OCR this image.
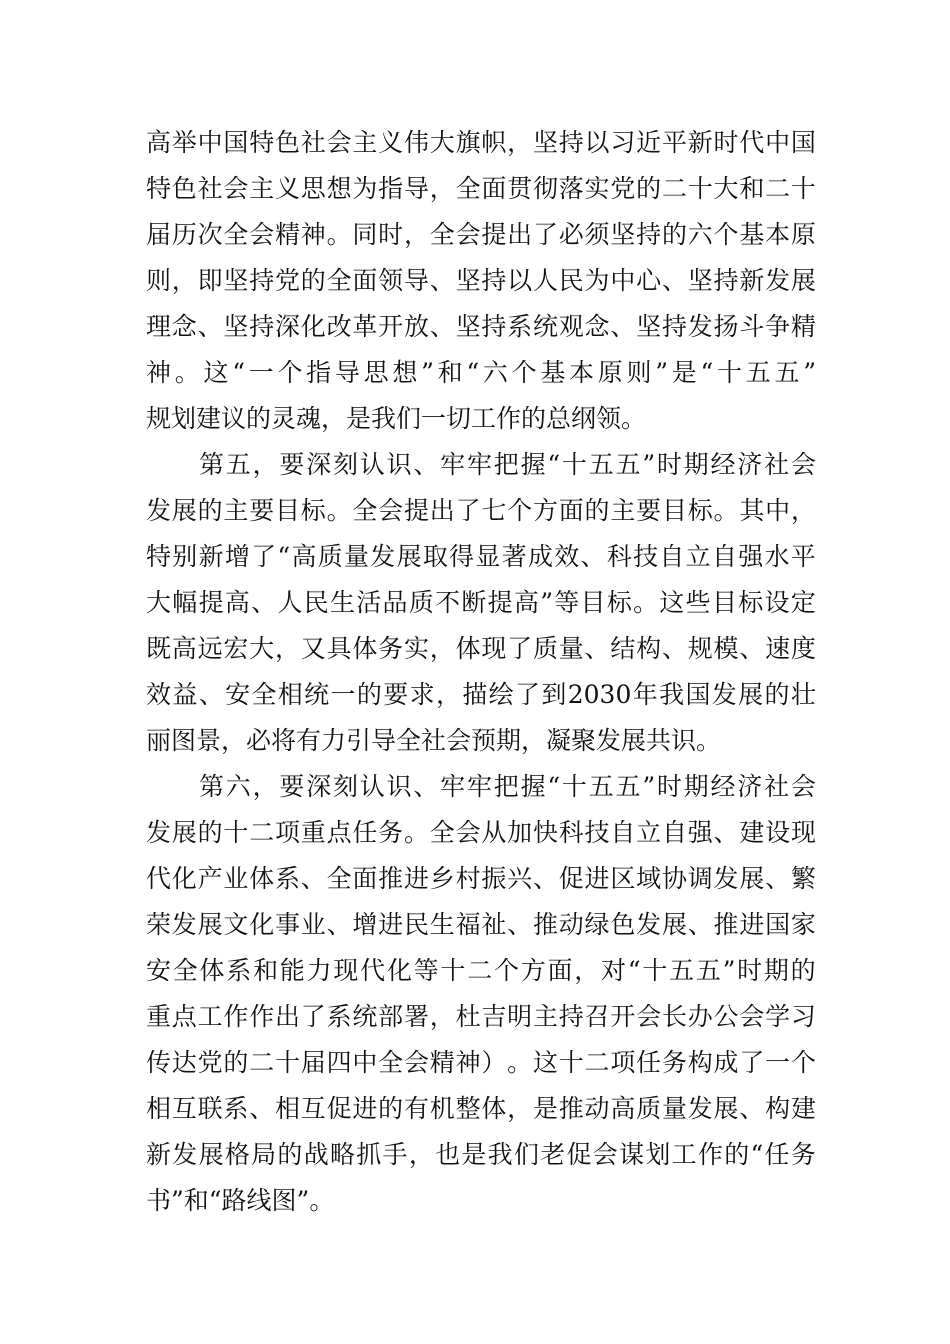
高 举 中 国 特 色 社 会 主 义 伟 大 旗 帜 ， 坚 持 以 习 近 平 新 时 代 中 国
特 色 社 会 主 义 思 想 为 指 导 ， 全 面 贯 彻 落 实 党 的 二 十 大 和 二 十
届 历 次 全 会 精 神 。 同 时 ， 全 会 提 出 了 必 须 坚 持 的 六 个 基 本 原
则 ， 即 坚 持 党 的 全 面 领 导 、 坚 持 以 人 民 为 中 心 、 坚 持 新 发 展
理 念 、 坚 持 深 化 改 革 开 放 、 坚 持 系 统 观 念 、 坚 持 发 扬 斗 争 精
神 。 这 “ 一 个 指 导 思 想 ” 和 “ 六 个 基 本 原 则 ” 是 “ 十 五 五 ”
规划建议的灵魂，是我们一切工作的总纲领。
第 五 ， 要 深 刻 认 识 、 牢 牢 把 握 “ 十 五 五 ” 时 期 经 济 社 会
发 展 的 主 要 目 标 。 全 会 提 出 了 七 个 方 面 的 主 要 目 标 。 其 中 ，
特 别 新 增 了 “ 高 质 量 发 展 取 得 显 著 成 效 、 科 技 自 立 自 强 水 平
大 幅 提 高 、 人 民 生 活 品 质 不 断 提 高 ” 等 目 标 。 这 些 目 标 设 定
既 高 远 宏 大 ， 又 具 体 务 实 ， 体 现 了 质 量 、 结 构 、 规 模 、 速 度
效 益 、 安 全 相 统 一 的 要 求 ， 描 绘 了 到 2030 年 我 国 发 展 的 壮
丽图景，必将有力引导全社会预期，凝聚发展共识。
第 六 ， 要 深 刻 认 识 、 牢 牢 把 握 “ 十 五 五 ” 时 期 经 济 社 会
发 展 的 十 二 项 重 点 任 务 。 全 会 从 加 快 科 技 自 立 自 强 、 建 设 现
代 化 产 业 体 系 、 全 面 推 进 乡 村 振 兴 、 促 进 区 域 协 调 发 展 、 繁
荣 发 展 文 化 事 业 、 增 进 民 生 福 祉 、 推 动 绿 色 发 展 、 推 进 国 家
安 全 体 系 和 能 力 现 代 化 等 十 二 个 方 面 ， 对 “ 十 五 五 ” 时 期 的
重 点 工 作 作 出 了 系 统 部 署 ， 杜 吉 明 主 持 召 开 会 长 办 公 会 学 习
传 达 党 的 二 十 届 四 中 全 会 精 神 ） 。 这 十 二 项 任 务 构 成 了 一 个
相 互 联 系 、 相 互 促 进 的 有 机 整 体 ， 是 推 动 高 质 量 发 展 、 构 建
新 发 展 格 局 的 战 略 抓 手 ， 也 是 我 们 老 促 会 谋 划 工 作 的 “ 任 务
书”和“路线图”。
